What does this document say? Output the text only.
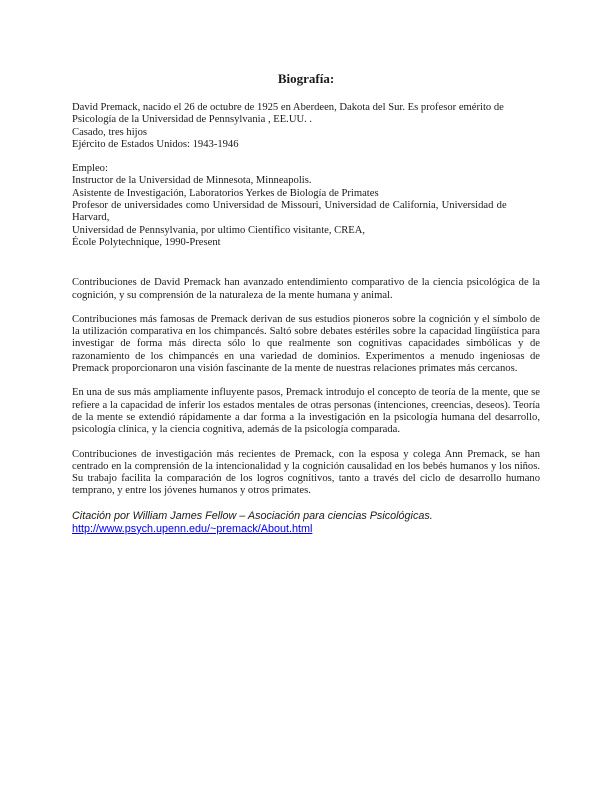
Biografía:
David Premack, nacido el 26 de octubre de 1925 en Aberdeen, Dakota del Sur. Es profesor emérito de
Psicología de la Universidad de Pennsylvania , EE.UU. .
Casado, tres hijos
Ejército de Estados Unidos: 1943-1946
Empleo:
Instructor de la Universidad de Minnesota, Minneapolis.
Asistente de Investigación, Laboratorios Yerkes de Biología de Primates
Profesor de universidades como Universidad de Missouri, Universidad de California, Universidad de
Harvard,
Universidad de Pennsylvania, por ultimo Científico visitante, CREA,
École Polytechnique, 1990-Present

Contribuciones de David Premack han avanzado entendimiento comparativo de la ciencia psicológica de la cognición, y su comprensión de la naturaleza de la mente humana y animal.

Contribuciones más famosas de Premack derivan de sus estudios pioneros sobre la cognición y el símbolo de la utilización comparativa en los chimpancés. Saltó sobre debates estériles sobre la capacidad lingüística para investigar de forma más directa sólo lo que realmente son cognitivas capacidades simbólicas y de razonamiento de los chimpancés en una variedad de dominios. Experimentos a menudo ingeniosas de Premack proporcionaron una visión fascinante de la mente de nuestras relaciones primates más cercanos.

En una de sus más ampliamente influyente pasos, Premack introdujo el concepto de teoría de la mente, que se refiere a la capacidad de inferir los estados mentales de otras personas (intenciones, creencias, deseos). Teoría de la mente se extendió rápidamente a dar forma a la investigación en la psicología humana del desarrollo, psicología clínica, y la ciencia cognitiva, además de la psicología comparada.

Contribuciones de investigación más recientes de Premack, con la esposa y colega Ann Premack, se han centrado en la comprensión de la intencionalidad y la cognición causalidad en los bebés humanos y los niños. Su trabajo facilita la comparación de los logros cognitivos, tanto a través del ciclo de desarrollo humano temprano, y entre los jóvenes humanos y otros primates.

Citación por William James Fellow – Asociación para ciencias Psicológicas.
http://www.psych.upenn.edu/~premack/About.html
